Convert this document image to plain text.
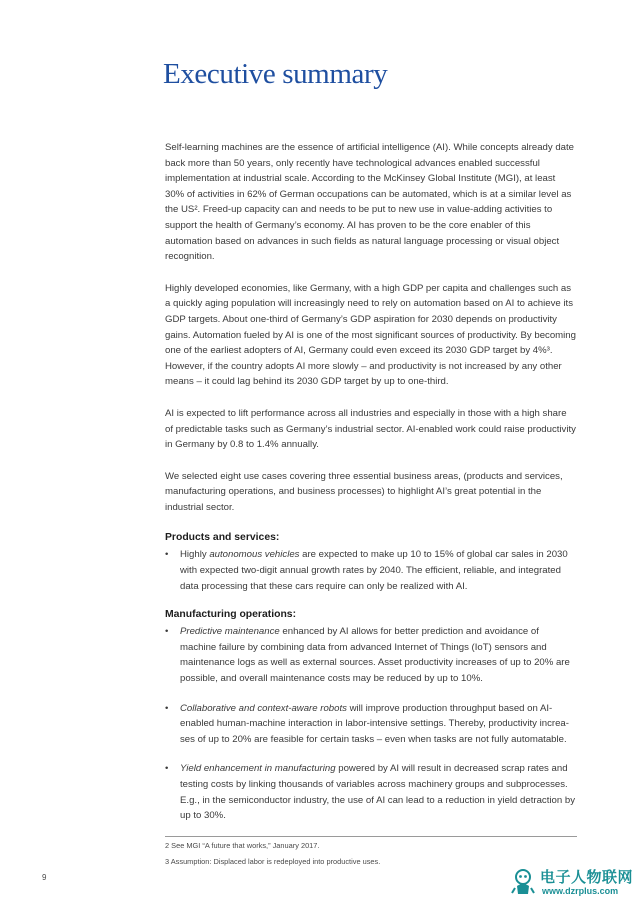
Executive summary

Self-learning machines are the essence of artificial intelligence (AI). While concepts already date back more than 50 years, only recently have technological advances enabled successful implementation at industrial scale. According to the McKinsey Global Institute (MGI), at least 30% of activities in 62% of German occupations can be automated, which is at a similar level as the US². Freed-up capacity can and needs to be put to new use in value-adding activities to support the health of Germany’s economy. AI has proven to be the core enabler of this automation based on advances in such fields as natural language processing or visual object recognition.

Highly developed economies, like Germany, with a high GDP per capita and challenges such as a quickly aging population will increasingly need to rely on automation based on AI to achieve its GDP targets. About one-third of Germany’s GDP aspiration for 2030 depends on productivity gains. Automation fueled by AI is one of the most significant sources of productivity. By becoming one of the earliest adopters of AI, Germany could even exceed its 2030 GDP target by 4%³. However, if the country adopts AI more slowly – and productivity is not increased by any other means – it could lag behind its 2030 GDP target by up to one-third.

AI is expected to lift performance across all industries and especially in those with a high share of predictable tasks such as Germany’s industrial sector. AI-enabled work could raise productivity in Germany by 0.8 to 1.4% annually.

We selected eight use cases covering three essential business areas, (products and services, manufacturing operations, and business processes) to highlight AI’s great potential in the industrial sector.

Products and services:
• Highly autonomous vehicles are expected to make up 10 to 15% of global car sales in 2030 with expected two-digit annual growth rates by 2040. The efficient, reliable, and integrated data processing that these cars require can only be realized with AI.
Manufacturing operations:
• Predictive maintenance enhanced by AI allows for better prediction and avoidance of machine failure by combining data from advanced Internet of Things (IoT) sensors and maintenance logs as well as external sources. Asset productivity increases of up to 20% are possible, and overall maintenance costs may be reduced by up to 10%.
• Collaborative and context-aware robots will improve production throughput based on AI-enabled human-machine interaction in labor-intensive settings. Thereby, productivity increases of up to 20% are feasible for certain tasks – even when tasks are not fully automatable.
• Yield enhancement in manufacturing powered by AI will result in decreased scrap rates and testing costs by linking thousands of variables across machinery groups and subprocesses. E.g., in the semiconductor industry, the use of AI can lead to a reduction in yield detraction by up to 30%.
2 See MGI “A future that works,” January 2017.
3 Assumption: Displaced labor is redeployed into productive uses.
9	电子人物联网
www.dzrplus.com
